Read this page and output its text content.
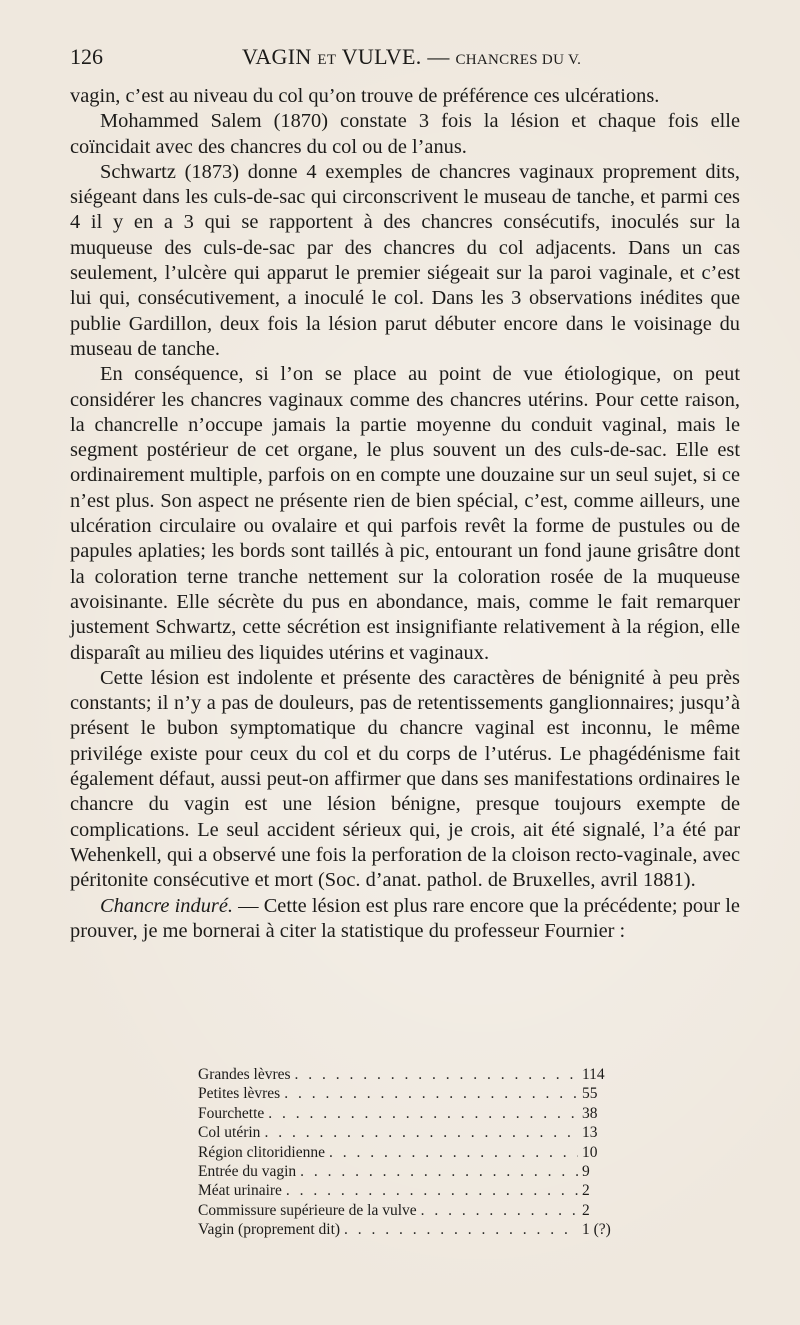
126	VAGIN ET VULVE. — CHANCRES DU V.

vagin, c’est au niveau du col qu’on trouve de préférence ces ulcérations.

Mohammed Salem (1870) constate 3 fois la lésion et chaque fois elle coïncidait avec des chancres du col ou de l’anus.

Schwartz (1873) donne 4 exemples de chancres vaginaux proprement dits, siégeant dans les culs-de-sac qui circonscrivent le museau de tanche, et parmi ces 4 il y en a 3 qui se rapportent à des chancres consécutifs, inoculés sur la muqueuse des culs-de-sac par des chancres du col adjacents. Dans un cas seulement, l’ulcère qui apparut le premier siégeait sur la paroi vaginale, et c’est lui qui, consécutivement, a inoculé le col. Dans les 3 observations inédites que publie Gardillon, deux fois la lésion parut débuter encore dans le voisinage du museau de tanche.

En conséquence, si l’on se place au point de vue étiologique, on peut considérer les chancres vaginaux comme des chancres utérins. Pour cette raison, la chancrelle n’occupe jamais la partie moyenne du conduit vaginal, mais le segment postérieur de cet organe, le plus souvent un des culs-de-sac. Elle est ordinairement multiple, parfois on en compte une douzaine sur un seul sujet, si ce n’est plus. Son aspect ne présente rien de bien spécial, c’est, comme ailleurs, une ulcération circulaire ou ovalaire et qui parfois revêt la forme de pustules ou de papules aplaties; les bords sont taillés à pic, entourant un fond jaune grisâtre dont la coloration terne tranche nettement sur la coloration rosée de la muqueuse avoisinante. Elle sécrète du pus en abondance, mais, comme le fait remarquer justement Schwartz, cette sécrétion est insignifiante relativement à la région, elle disparaît au milieu des liquides utérins et vaginaux.

Cette lésion est indolente et présente des caractères de bénignité à peu près constants; il n’y a pas de douleurs, pas de retentissements ganglionnaires; jusqu’à présent le bubon symptomatique du chancre vaginal est inconnu, le même privilége existe pour ceux du col et du corps de l’utérus. Le phagédénisme fait également défaut, aussi peut-on affirmer que dans ses manifestations ordinaires le chancre du vagin est une lésion bénigne, presque toujours exempte de complications. Le seul accident sérieux qui, je crois, ait été signalé, l’a été par Wehenkell, qui a observé une fois la perforation de la cloison recto-vaginale, avec péritonite consécutive et mort (Soc. d’anat. pathol. de Bruxelles, avril 1881).

Chancre induré. — Cette lésion est plus rare encore que la précédente; pour le prouver, je me bornerai à citer la statistique du professeur Fournier :

Grandes lèvres . . .	114
Petites lèvres . . .	55
Fourchette . . .	38
Col utérin . . .	13
Région clitoridienne . . .	10
Entrée du vagin . . .	9
Méat urinaire . . .	2
Commissure supérieure de la vulve . . .	2
Vagin (proprement dit) . . .	1 (?)
